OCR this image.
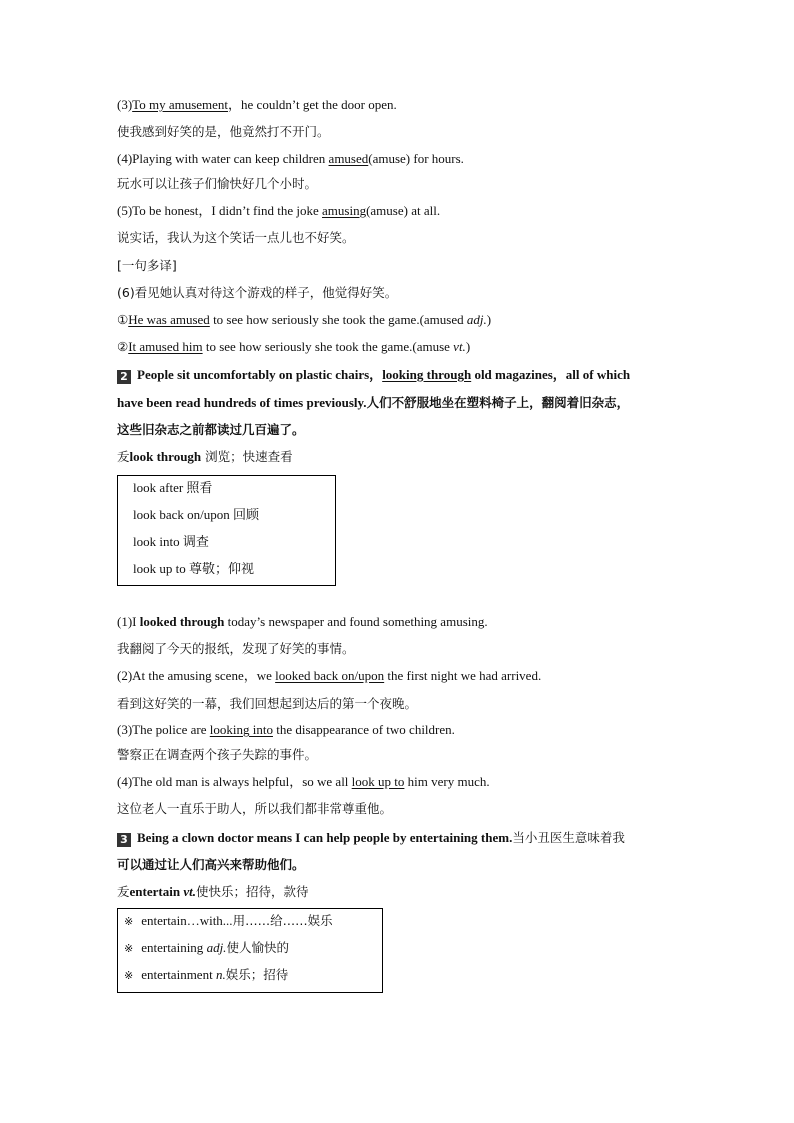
(3)To my amusement，he couldn’t get the door open.
使我感到好笑的是，他竟然打不开门。
(4)Playing with water can keep children amused(amuse) for hours.
玩水可以让孩子们愉快好几个小时。
(5)To be honest，I didn’t find the joke amusing(amuse) at all.
说实话，我认为这个笑话一点儿也不好笑。
[一句多译]
(6)看见她认真对待这个游戏的样子，他觉得好笑。
①He was amused to see how seriously she took the game.(amused adj.)
②It amused him to see how seriously she took the game.(amuse vt.)
2 People sit uncomfortably on plastic chairs，looking through old magazines，all of which
have been read hundreds of times previously.人们不舒服地坐在塑料椅子上，翻阅着旧杂志，
这些旧杂志之前都读过几百遍了。
叐look through 浏览；快速查看
look after 照看
look back on/upon 回顾
look into 调查
look up to 尊敬；仰视
(1)I looked through today’s newspaper and found something amusing.
我翻阅了今天的报纸，发现了好笑的事情。
(2)At the amusing scene，we looked back on/upon the first night we had arrived.
看到这好笑的一幕，我们回想起到达后的第一个夜晚。
(3)The police are looking into the disappearance of two children.
警察正在调查两个孩子失踪的事件。
(4)The old man is always helpful，so we all look up to him very much.
这位老人一直乐于助人，所以我们都非常尊重他。
3 Being a clown doctor means I can help people by entertaining them.当小丑医生意味着我
可以通过让人们高兴来帮助他们。
叐entertain vt.使快乐；招待，款待
※ entertain…with...用……给……娱乐
※ entertaining adj.使人愉快的
※ entertainment n.娱乐；招待
